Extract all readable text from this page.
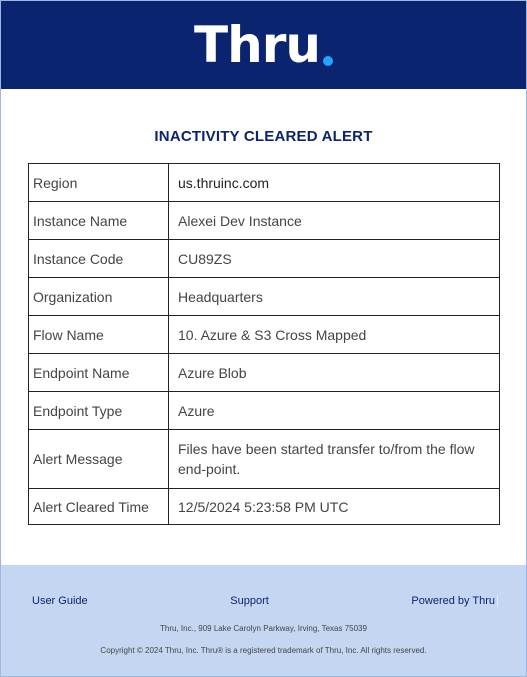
Thru
INACTIVITY CLEARED ALERT
Region	us.thruinc.com
Instance Name	Alexei Dev Instance
Instance Code	CU89ZS
Organization	Headquarters
Flow Name	10. Azure & S3 Cross Mapped
Endpoint Name	Azure Blob
Endpoint Type	Azure
Alert Message	Files have been started transfer to/from the flow end-point.
Alert Cleared Time	12/5/2024 5:23:58 PM UTC
User Guide	Support	Powered by Thru
Thru, Inc., 909 Lake Carolyn Parkway, Irving, Texas 75039
Copyright © 2024 Thru, Inc. Thru® is a registered trademark of Thru, Inc. All rights reserved.
